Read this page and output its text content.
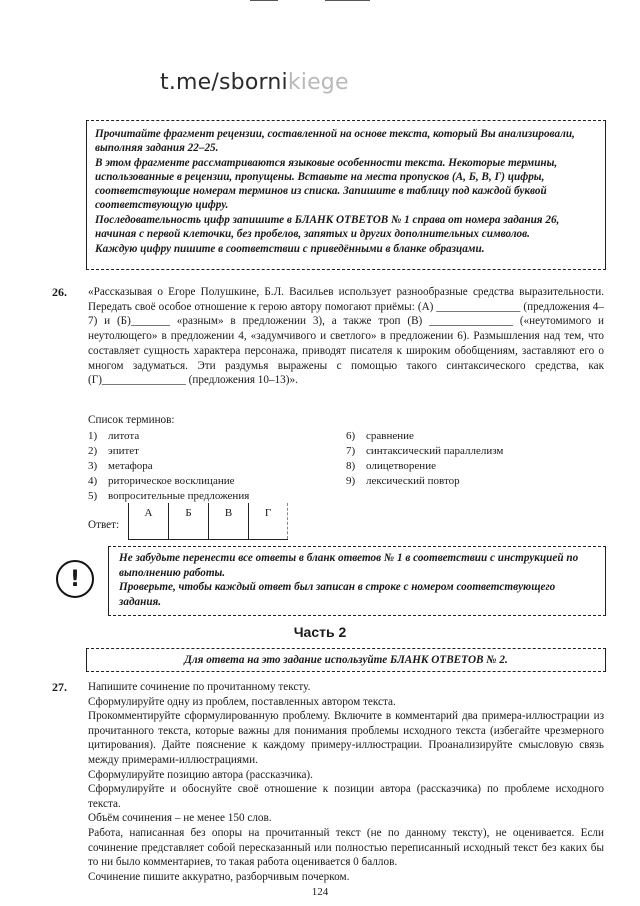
t.me/sbornikiege

Прочитайте фрагмент рецензии, составленной на основе текста, который Вы анализировали, выполняя задания 22–25.

В этом фрагменте рассматриваются языковые особенности текста. Некоторые термины, использованные в рецензии, пропущены. Вставьте на места пропусков (А, Б, В, Г) цифры, соответствующие номерам терминов из списка. Запишите в таблицу под каждой буквой соответствующую цифру.

Последовательность цифр запишите в БЛАНК ОТВЕТОВ № 1 справа от номера задания 26, начиная с первой клеточки, без пробелов, запятых и других дополнительных символов.

Каждую цифру пишите в соответствии с приведёнными в бланке образцами.

26. «Рассказывая о Егоре Полушкине, Б.Л. Васильев использует разнообразные средства выразительности. Передать своё особое отношение к герою автору помогают приёмы: (А) _______________ (предложения 4–7) и (Б)_______ «разным» в предложении 3), а также троп (В) _______________ («неутомимого и неутолющего» в предложении 4, «задумчивого и светлого» в предложении 6). Размышления над тем, что составляет сущность характера персонажа, приводят писателя к широким обобщениям, заставляют его о многом задуматься. Эти раздумья выражены с помощью такого синтаксического средства, как (Г)_______________ (предложения 10–13)».

Список терминов:
1) литота
2) эпитет
3) метафора
4) риторическое восклицание
5) вопросительные предложения
6) сравнение
7) синтаксический параллелизм
8) олицетворение
9) лексический повтор
Ответ:
А	Б	В	Г
!

Не забудьте перенести все ответы в бланк ответов № 1 в соответствии с инструкцией по выполнению работы.

Проверьте, чтобы каждый ответ был записан в строке с номером соответствующего задания.

Часть 2
Для ответа на это задание используйте БЛАНК ОТВЕТОВ № 2.
27. Напишите сочинение по прочитанному тексту.

Сформулируйте одну из проблем, поставленных автором текста.

Прокомментируйте сформулированную проблему. Включите в комментарий два примера-иллюстрации из прочитанного текста, которые важны для понимания проблемы исходного текста (избегайте чрезмерного цитирования). Дайте пояснение к каждому примеру-иллюстрации. Проанализируйте смысловую связь между примерами-иллюстрациями.

Сформулируйте позицию автора (рассказчика).

Сформулируйте и обоснуйте своё отношение к позиции автора (рассказчика) по проблеме исходного текста.

Объём сочинения – не менее 150 слов.

Работа, написанная без опоры на прочитанный текст (не по данному тексту), не оценивается. Если сочинение представляет собой пересказанный или полностью переписанный исходный текст без каких бы то ни было комментариев, то такая работа оценивается 0 баллов.

Сочинение пишите аккуратно, разборчивым почерком.

124
